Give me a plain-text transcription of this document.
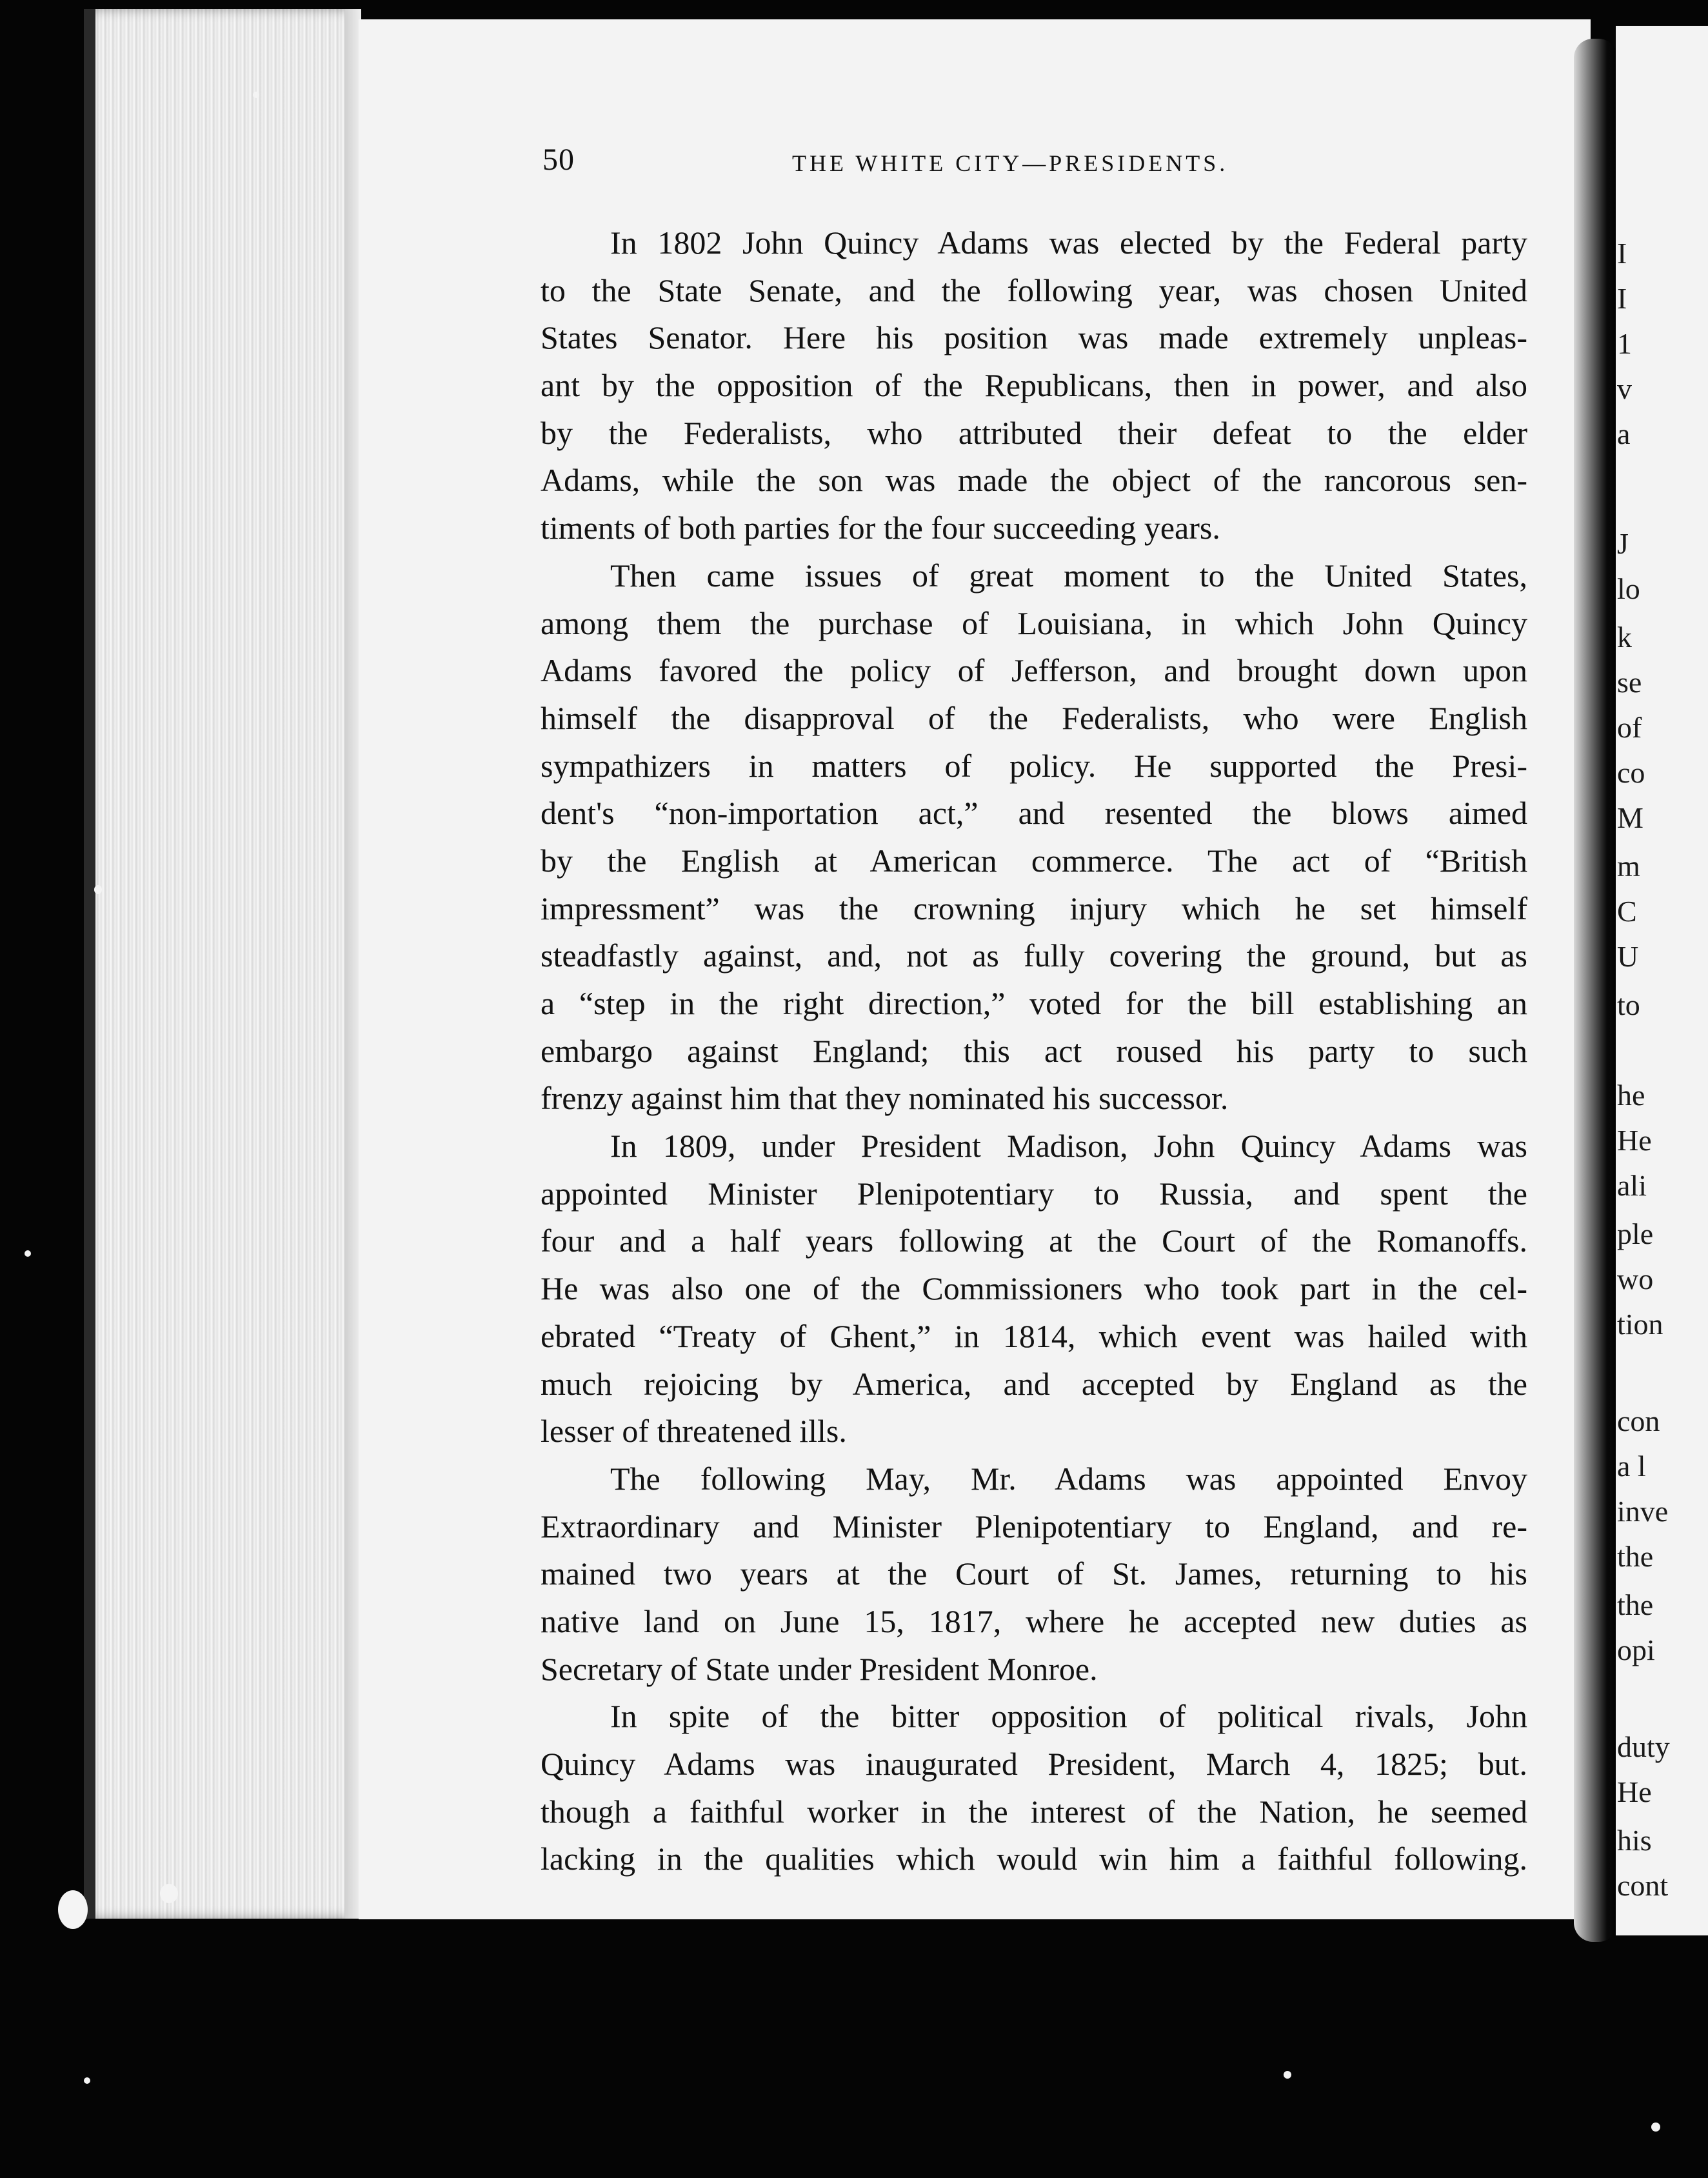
I
I
1
v
a
J
lo
k
se
of
co
M
m
C
U
to
he
He
ali
ple
wo
tion
con
a l
inve
the
the
opi
duty
He
his
cont
50	THE WHITE CITY—PRESIDENTS.
In 1802 John Quincy Adams was elected by the Federal party
to the State Senate, and the following year, was chosen United
States Senator. Here his position was made extremely unpleas-
ant by the opposition of the Republicans, then in power, and also
by the Federalists, who attributed their defeat to the elder
Adams, while the son was made the object of the rancorous sen-
timents of both parties for the four succeeding years.
Then came issues of great moment to the United States,
among them the purchase of Louisiana, in which John Quincy
Adams favored the policy of Jefferson, and brought down upon
himself the disapproval of the Federalists, who were English
sympathizers in matters of policy. He supported the Presi-
dent's “non-importation act,” and resented the blows aimed
by the English at American commerce. The act of “British
impressment” was the crowning injury which he set himself
steadfastly against, and, not as fully covering the ground, but as
a “step in the right direction,” voted for the bill establishing an
embargo against England; this act roused his party to such
frenzy against him that they nominated his successor.
In 1809, under President Madison, John Quincy Adams was
appointed Minister Plenipotentiary to Russia, and spent the
four and a half years following at the Court of the Romanoffs.
He was also one of the Commissioners who took part in the cel-
ebrated “Treaty of Ghent,” in 1814, which event was hailed with
much rejoicing by America, and accepted by England as the
lesser of threatened ills.
The following May, Mr. Adams was appointed Envoy
Extraordinary and Minister Plenipotentiary to England, and re-
mained two years at the Court of St. James, returning to his
native land on June 15, 1817, where he accepted new duties as
Secretary of State under President Monroe.
In spite of the bitter opposition of political rivals, John
Quincy Adams was inaugurated President, March 4, 1825; but.
though a faithful worker in the interest of the Nation, he seemed
lacking in the qualities which would win him a faithful following.
